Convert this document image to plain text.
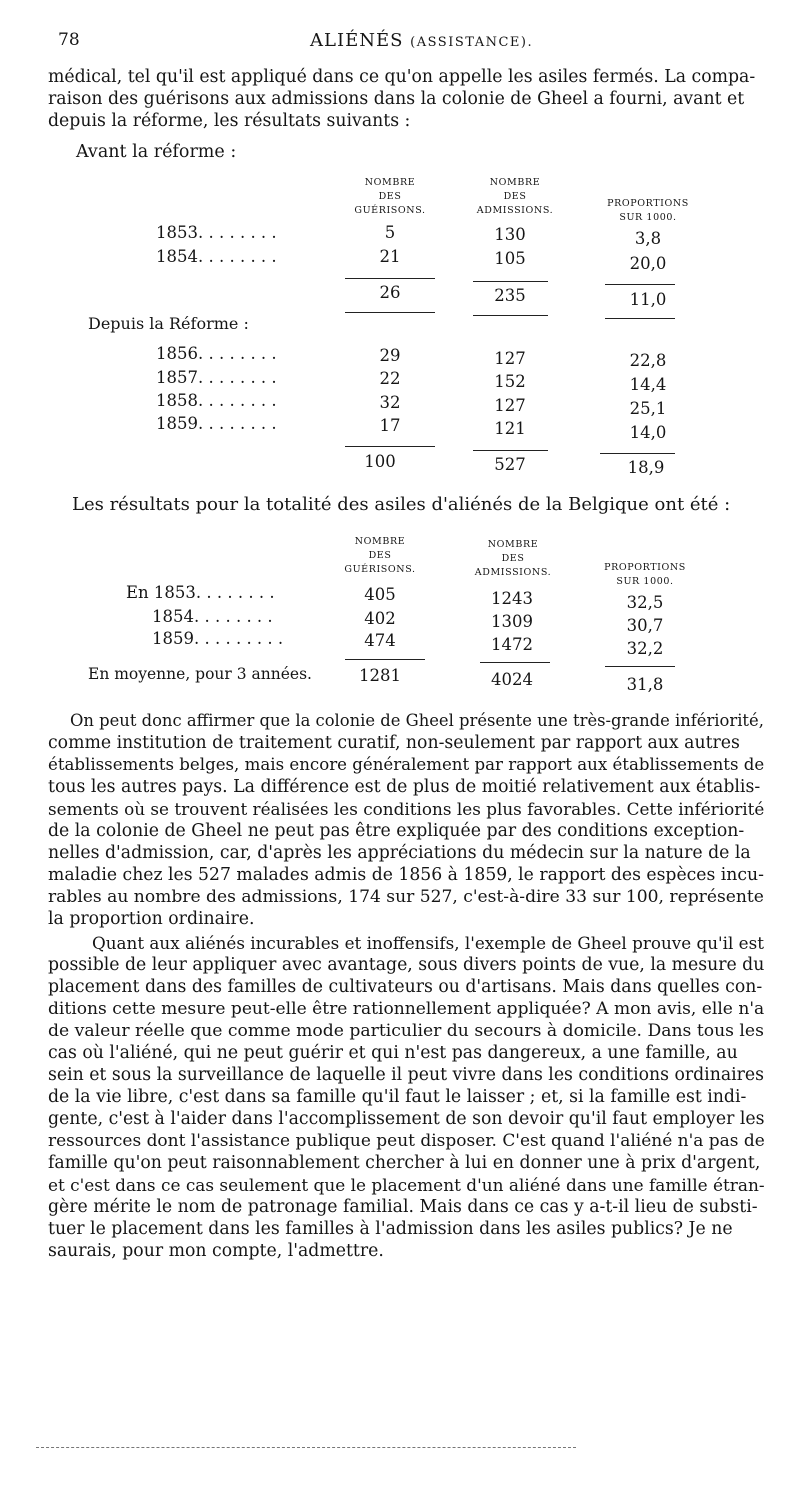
78	ALIÉNÉS (ASSISTANCE).
médical, tel qu'il est appliqué dans ce qu'on appelle les asiles fermés. La compa-
raison des guérisons aux admissions dans la colonie de Gheel a fourni, avant et
depuis la réforme, les résultats suivants :
Avant la réforme :
NOMBRE
DES
GUÉRISONS.
NOMBRE
DES
ADMISSIONS.
PROPORTIONS
SUR 1000.
1853. . . . . . . .	5	130	3,8
1854. . . . . . . .	21	105	20,0
26	235	11,0
Depuis la Réforme :
1856. . . . . . . .	29	127	22,8
1857. . . . . . . .	22	152	14,4
1858. . . . . . . .	32	127	25,1
1859. . . . . . . .	17	121	14,0
100	527	18,9
Les résultats pour la totalité des asiles d'aliénés de la Belgique ont été :
NOMBRE
DES
GUÉRISONS.
NOMBRE
DES
ADMISSIONS.	PROPORTIONS
SUR 1000.
En 1853. . . . . . . .	405	1243	32,5
1854. . . . . . . .	402	1309	30,7
1859. . . . . . . . .	474	1472	32,2
En moyenne, pour 3 années.	1281	4024	31,8
On peut donc affirmer que la colonie de Gheel présente une très-grande infériorité,
comme institution de traitement curatif, non-seulement par rapport aux autres
établissements belges, mais encore généralement par rapport aux établissements de
tous les autres pays. La différence est de plus de moitié relativement aux établis-
sements où se trouvent réalisées les conditions les plus favorables. Cette infériorité
de la colonie de Gheel ne peut pas être expliquée par des conditions exception-
nelles d'admission, car, d'après les appréciations du médecin sur la nature de la
maladie chez les 527 malades admis de 1856 à 1859, le rapport des espèces incu-
rables au nombre des admissions, 174 sur 527, c'est-à-dire 33 sur 100, représente
la proportion ordinaire.
Quant aux aliénés incurables et inoffensifs, l'exemple de Gheel prouve qu'il est
possible de leur appliquer avec avantage, sous divers points de vue, la mesure du
placement dans des familles de cultivateurs ou d'artisans. Mais dans quelles con-
ditions cette mesure peut-elle être rationnellement appliquée? A mon avis, elle n'a
de valeur réelle que comme mode particulier du secours à domicile. Dans tous les
cas où l'aliéné, qui ne peut guérir et qui n'est pas dangereux, a une famille, au
sein et sous la surveillance de laquelle il peut vivre dans les conditions ordinaires
de la vie libre, c'est dans sa famille qu'il faut le laisser ; et, si la famille est indi-
gente, c'est à l'aider dans l'accomplissement de son devoir qu'il faut employer les
ressources dont l'assistance publique peut disposer. C'est quand l'aliéné n'a pas de
famille qu'on peut raisonnablement chercher à lui en donner une à prix d'argent,
et c'est dans ce cas seulement que le placement d'un aliéné dans une famille étran-
gère mérite le nom de patronage familial. Mais dans ce cas y a-t-il lieu de substi-
tuer le placement dans les familles à l'admission dans les asiles publics? Je ne
saurais, pour mon compte, l'admettre.
